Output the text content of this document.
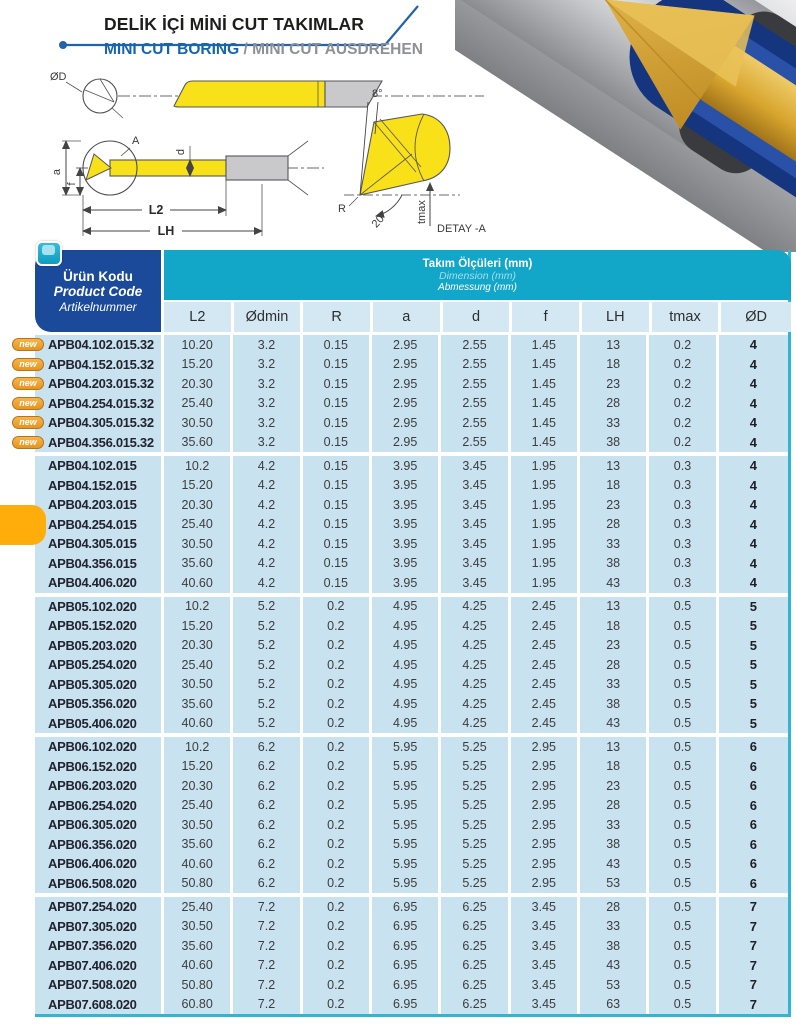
DELİK İÇİ MİNİ CUT TAKIMLAR
MINI CUT BORING / MINI CUT AUSDREHEN
ØD
A
a
f
d
L2
LH
8°
R
20° tmax
DETAY -A
Ürün Kodu
Product Code
Artikelnummer
Takım Ölçüleri (mm)
Dimension (mm)
Abmessung (mm)
L2	Ødmin	R	a	d	f	LH	tmax	ØD
new APB04.102.015.32	10.20	3.2	0.15	2.95	2.55	1.45	13	0.2	4
new APB04.152.015.32	15.20	3.2	0.15	2.95	2.55	1.45	18	0.2	4
new APB04.203.015.32	20.30	3.2	0.15	2.95	2.55	1.45	23	0.2	4
new APB04.254.015.32	25.40	3.2	0.15	2.95	2.55	1.45	28	0.2	4
new APB04.305.015.32	30.50	3.2	0.15	2.95	2.55	1.45	33	0.2	4
new APB04.356.015.32	35.60	3.2	0.15	2.95	2.55	1.45	38	0.2	4
APB04.102.015	10.2	4.2	0.15	3.95	3.45	1.95	13	0.3	4
APB04.152.015	15.20	4.2	0.15	3.95	3.45	1.95	18	0.3	4
APB04.203.015	20.30	4.2	0.15	3.95	3.45	1.95	23	0.3	4
APB04.254.015	25.40	4.2	0.15	3.95	3.45	1.95	28	0.3	4
APB04.305.015	30.50	4.2	0.15	3.95	3.45	1.95	33	0.3	4
APB04.356.015	35.60	4.2	0.15	3.95	3.45	1.95	38	0.3	4
APB04.406.020	40.60	4.2	0.15	3.95	3.45	1.95	43	0.3	4
APB05.102.020	10.2	5.2	0.2	4.95	4.25	2.45	13	0.5	5
APB05.152.020	15.20	5.2	0.2	4.95	4.25	2.45	18	0.5	5
APB05.203.020	20.30	5.2	0.2	4.95	4.25	2.45	23	0.5	5
APB05.254.020	25.40	5.2	0.2	4.95	4.25	2.45	28	0.5	5
APB05.305.020	30.50	5.2	0.2	4.95	4.25	2.45	33	0.5	5
APB05.356.020	35.60	5.2	0.2	4.95	4.25	2.45	38	0.5	5
APB05.406.020	40.60	5.2	0.2	4.95	4.25	2.45	43	0.5	5
APB06.102.020	10.2	6.2	0.2	5.95	5.25	2.95	13	0.5	6
APB06.152.020	15.20	6.2	0.2	5.95	5.25	2.95	18	0.5	6
APB06.203.020	20.30	6.2	0.2	5.95	5.25	2.95	23	0.5	6
APB06.254.020	25.40	6.2	0.2	5.95	5.25	2.95	28	0.5	6
APB06.305.020	30.50	6.2	0.2	5.95	5.25	2.95	33	0.5	6
APB06.356.020	35.60	6.2	0.2	5.95	5.25	2.95	38	0.5	6
APB06.406.020	40.60	6.2	0.2	5.95	5.25	2.95	43	0.5	6
APB06.508.020	50.80	6.2	0.2	5.95	5.25	2.95	53	0.5	6
APB07.254.020	25.40	7.2	0.2	6.95	6.25	3.45	28	0.5	7
APB07.305.020	30.50	7.2	0.2	6.95	6.25	3.45	33	0.5	7
APB07.356.020	35.60	7.2	0.2	6.95	6.25	3.45	38	0.5	7
APB07.406.020	40.60	7.2	0.2	6.95	6.25	3.45	43	0.5	7
APB07.508.020	50.80	7.2	0.2	6.95	6.25	3.45	53	0.5	7
APB07.608.020	60.80	7.2	0.2	6.95	6.25	3.45	63	0.5	7
